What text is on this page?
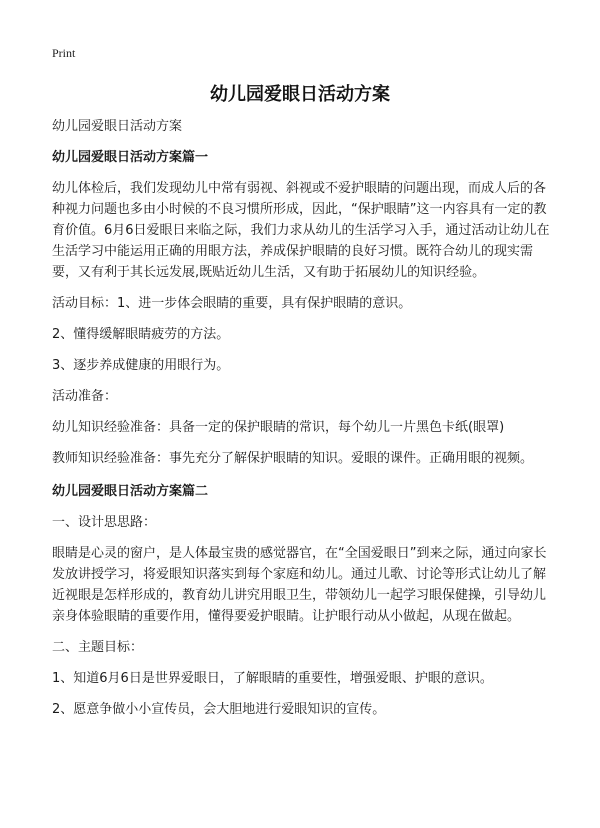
Print
幼儿园爱眼日活动方案

幼儿园爱眼日活动方案

幼儿园爱眼日活动方案篇一

幼儿体检后，我们发现幼儿中常有弱视、斜视或不爱护眼睛的问题出现，而成人后的各种视力问题也多由小时候的不良习惯所形成，因此，“保护眼睛”这一内容具有一定的教育价值。6月6日爱眼日来临之际，我们力求从幼儿的生活学习入手，通过活动让幼儿在生活学习中能运用正确的用眼方法，养成保护眼睛的良好习惯。既符合幼儿的现实需要，又有利于其长远发展,既贴近幼儿生活，又有助于拓展幼儿的知识经验。

活动目标：1、进一步体会眼睛的重要，具有保护眼睛的意识。

2、懂得缓解眼睛疲劳的方法。

3、逐步养成健康的用眼行为。

活动准备：

幼儿知识经验准备：具备一定的保护眼睛的常识，每个幼儿一片黑色卡纸(眼罩)

教师知识经验准备：事先充分了解保护眼睛的知识。爱眼的课件。正确用眼的视频。

幼儿园爱眼日活动方案篇二

一、设计思思路：

眼睛是心灵的窗户，是人体最宝贵的感觉器官，在“全国爱眼日”到来之际，通过向家长发放讲授学习，将爱眼知识落实到每个家庭和幼儿。通过儿歌、讨论等形式让幼儿了解近视眼是怎样形成的，教育幼儿讲究用眼卫生，带领幼儿一起学习眼保健操，引导幼儿亲身体验眼睛的重要作用，懂得要爱护眼睛。让护眼行动从小做起，从现在做起。

二、主题目标：

1、知道6月6日是世界爱眼日，了解眼睛的重要性，增强爱眼、护眼的意识。

2、愿意争做小小宣传员，会大胆地进行爱眼知识的宣传。
